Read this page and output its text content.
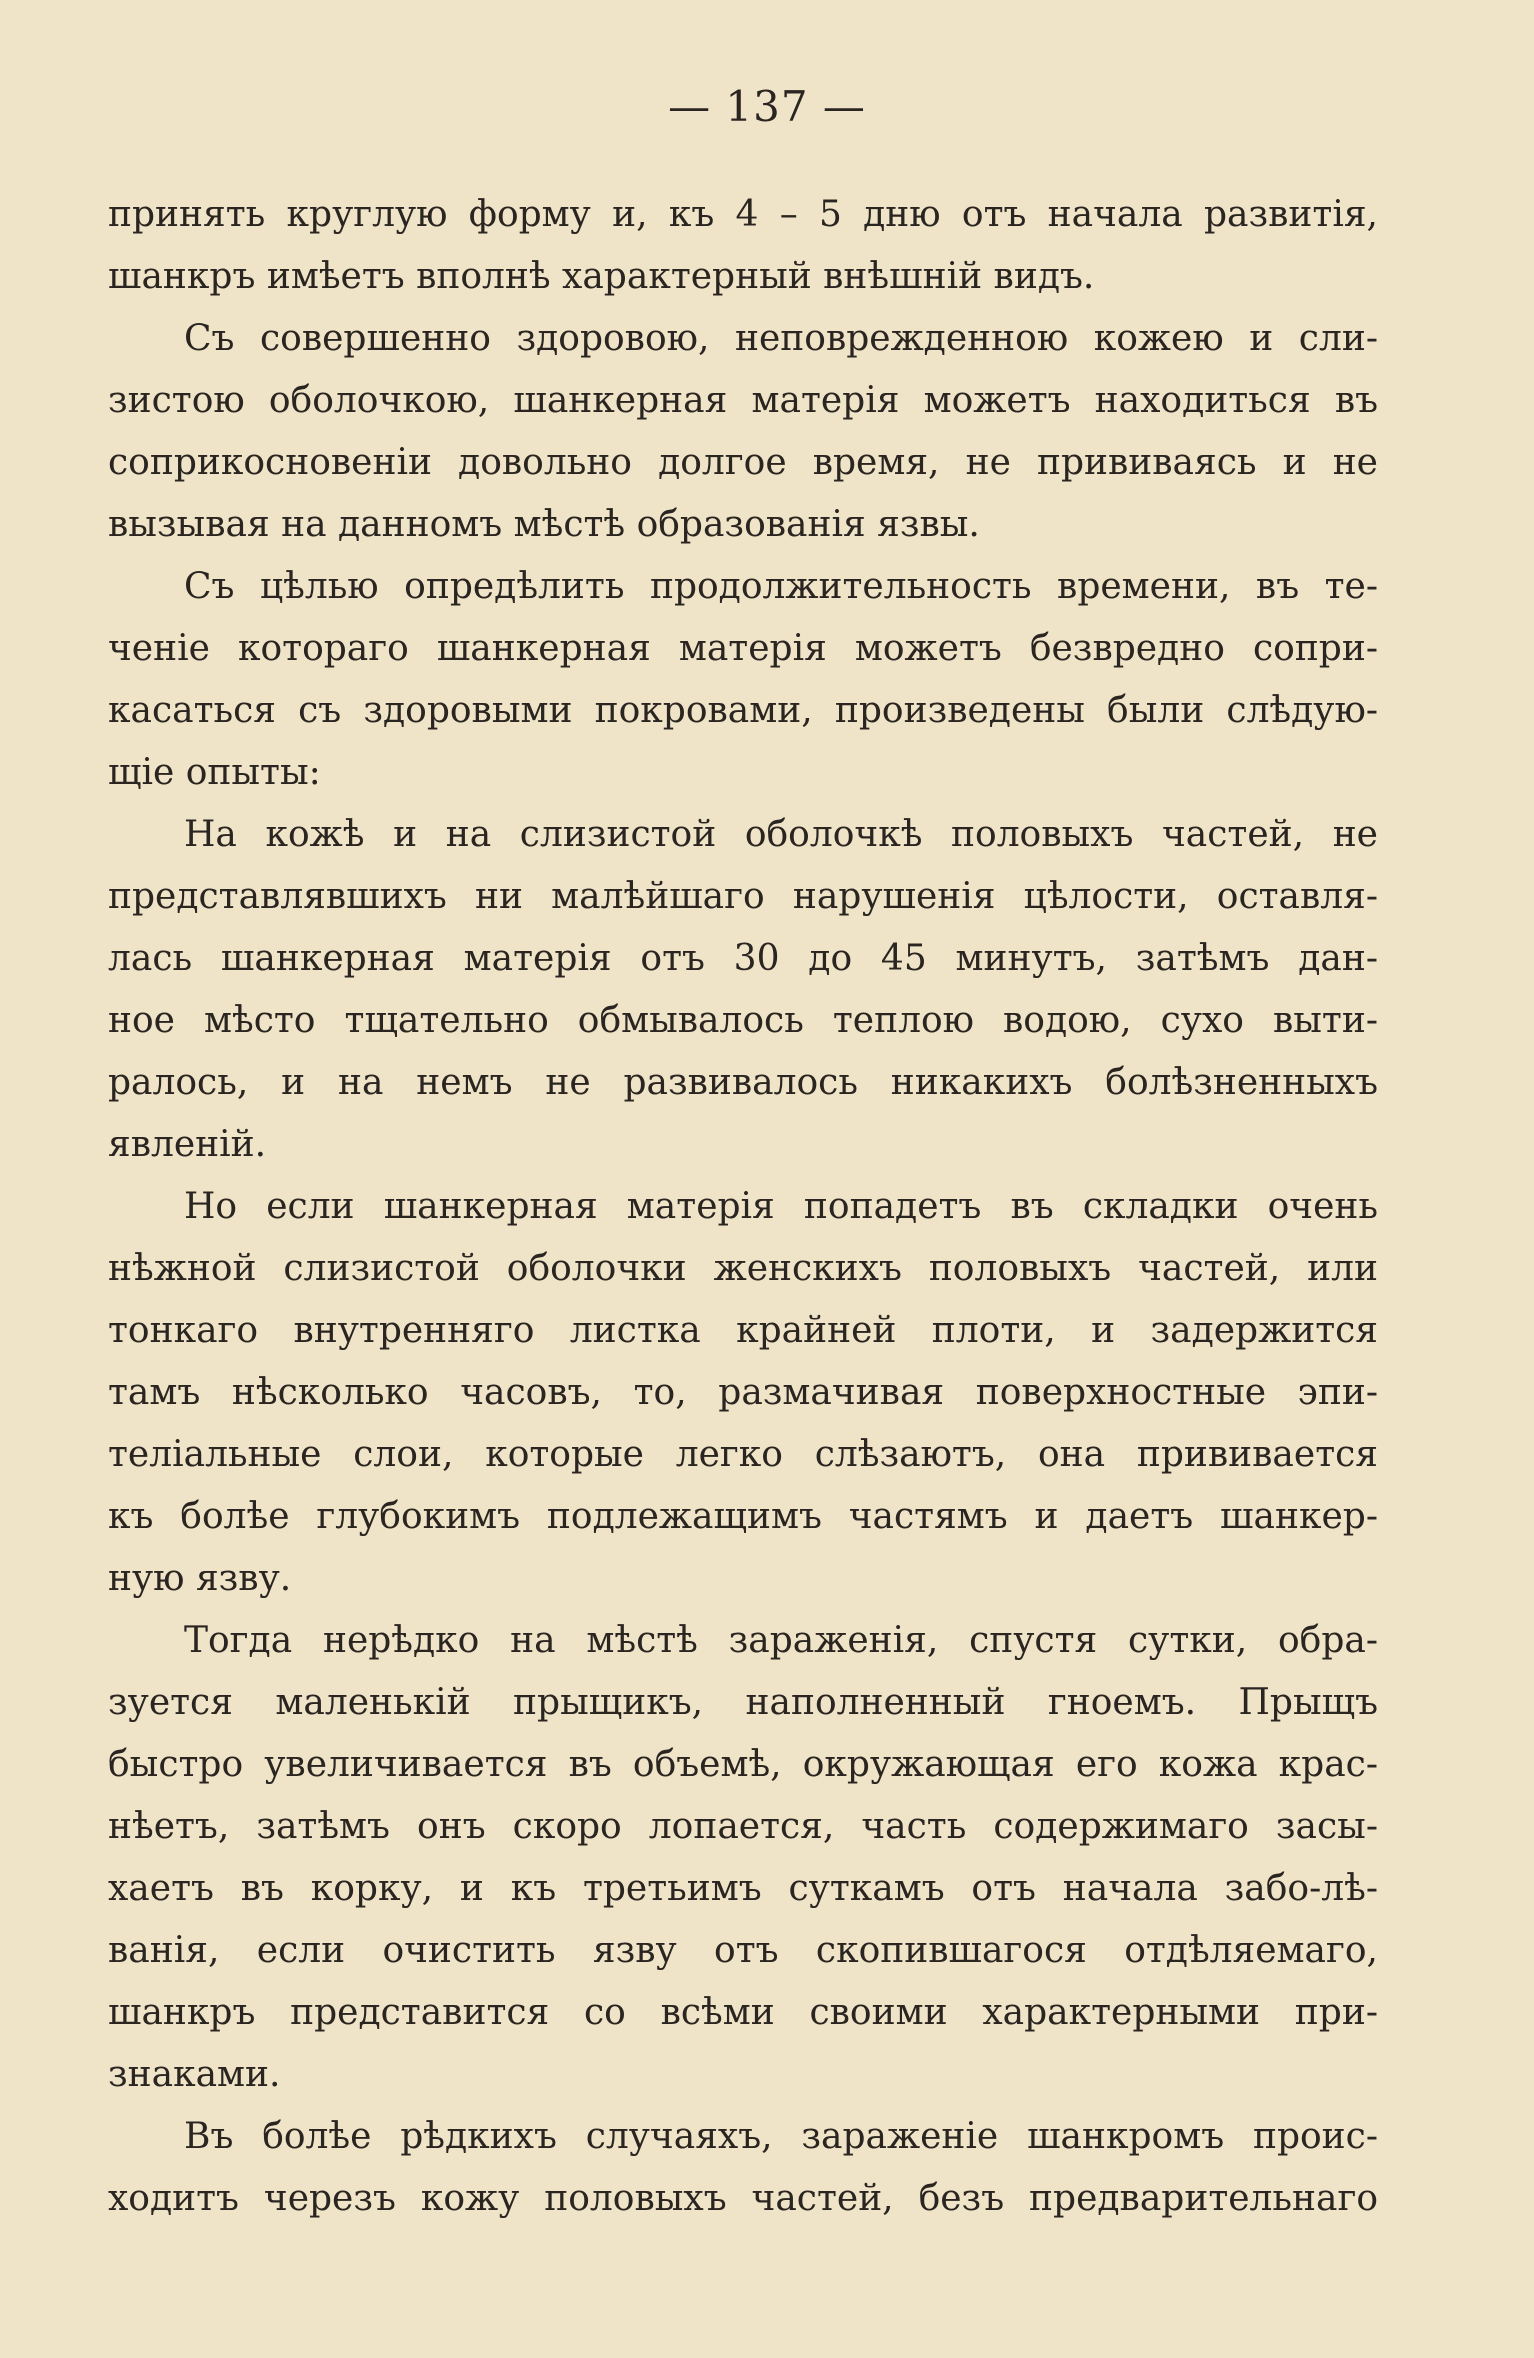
— 137 —
принять круглую форму и, къ 4 – 5 дню отъ начала развитія,
шанкръ имѣетъ вполнѣ характерный внѣшній видъ.
Съ совершенно здоровою, неповрежденною кожею и сли-
зистою оболочкою, шанкерная матерія можетъ находиться въ
соприкосновеніи довольно долгое время, не прививаясь и не
вызывая на данномъ мѣстѣ образованія язвы.
Съ цѣлью опредѣлить продолжительность времени, въ те-
ченіе котораго шанкерная матерія можетъ безвредно сопри-
касаться съ здоровыми покровами, произведены были слѣдую-
щіе опыты:
На кожѣ и на слизистой оболочкѣ половыхъ частей, не
представлявшихъ ни малѣйшаго нарушенія цѣлости, оставля-
лась шанкерная матерія отъ 30 до 45 минутъ, затѣмъ дан-
ное мѣсто тщательно обмывалось теплою водою, сухо выти-
ралось, и на немъ не развивалось никакихъ болѣзненныхъ
явленій.
Но если шанкерная матерія попадетъ въ складки очень
нѣжной слизистой оболочки женскихъ половыхъ частей, или
тонкаго внутренняго листка крайней плоти, и задержится
тамъ нѣсколько часовъ, то, размачивая поверхностные эпи-
теліальные слои, которые легко слѣзаютъ, она прививается
къ болѣе глубокимъ подлежащимъ частямъ и даетъ шанкер-
ную язву.
Тогда нерѣдко на мѣстѣ зараженія, спустя сутки, обра-
зуется маленькій прыщикъ, наполненный гноемъ. Прыщъ
быстро увеличивается въ объемѣ, окружающая его кожа крас-
нѣетъ, затѣмъ онъ скоро лопается, часть содержимаго засы-
хаетъ въ корку, и къ третьимъ суткамъ отъ начала забо-лѣ-
ванія, если очистить язву отъ скопившагося отдѣляемаго,
шанкръ представится со всѣми своими характерными при-
знаками.
Въ болѣе рѣдкихъ случаяхъ, зараженіе шанкромъ проис-
ходитъ черезъ кожу половыхъ частей, безъ предварительнаго
